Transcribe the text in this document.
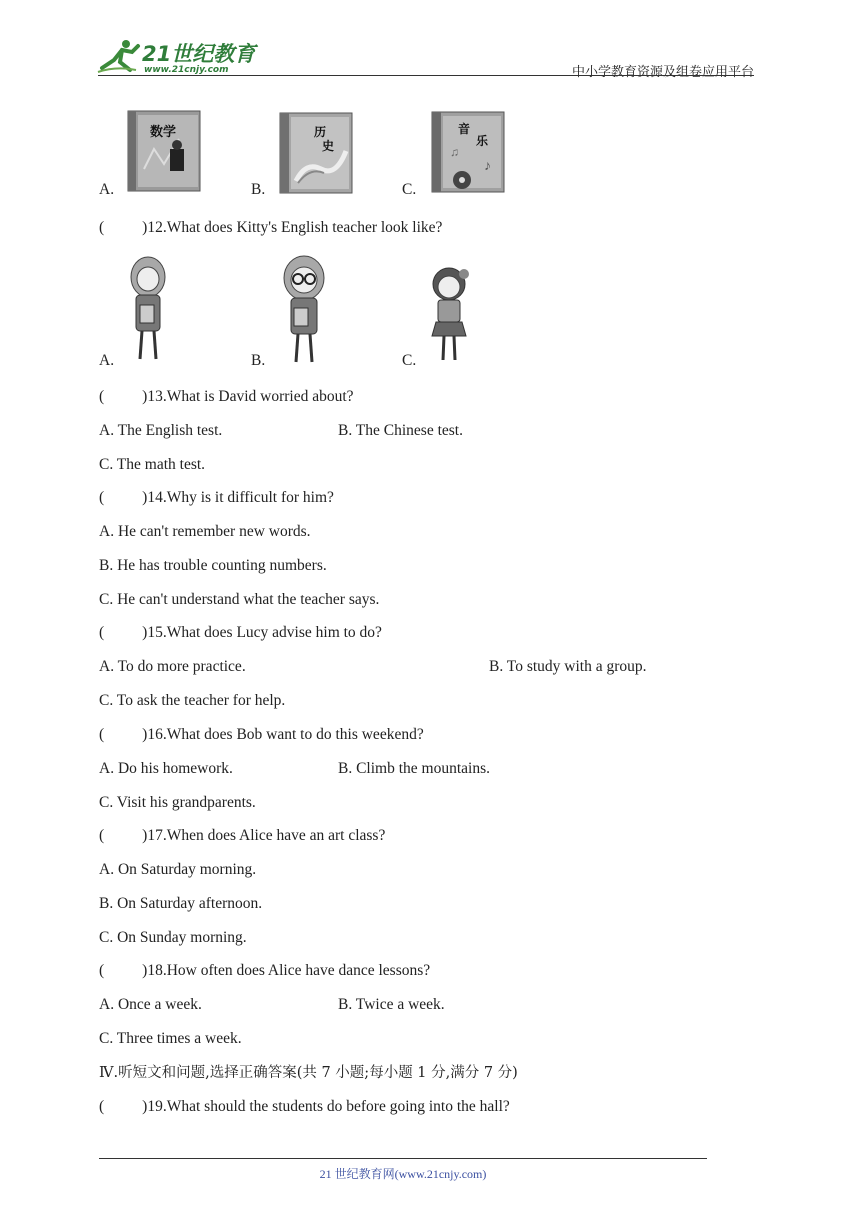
21世纪教育
www.21cnjy.com	中小学教育资源及组卷应用平台
A.
数学
B.
历
史
C.
♪
♫
音
乐
( )12.What does Kitty's English teacher look like?
A.	B.	C.
( )13.What is David worried about?
A. The English test.	B. The Chinese test.
C. The math test.
( )14.Why is it difficult for him?
A. He can't remember new words.
B. He has trouble counting numbers.
C. He can't understand what the teacher says.
( )15.What does Lucy advise him to do?
A. To do more practice.	B. To study with a group.
C. To ask the teacher for help.
( )16.What does Bob want to do this weekend?
A. Do his homework.	B. Climb the mountains.
C. Visit his grandparents.
( )17.When does Alice have an art class?
A. On Saturday morning.
B. On Saturday afternoon.
C. On Sunday morning.
( )18.How often does Alice have dance lessons?
A. Once a week.	B. Twice a week.
C. Three times a week.
Ⅳ.听短文和问题,选择正确答案(共 7 小题;每小题 1 分,满分 7 分)
( )19.What should the students do before going into the hall?
21 世纪教育网(www.21cnjy.com)
